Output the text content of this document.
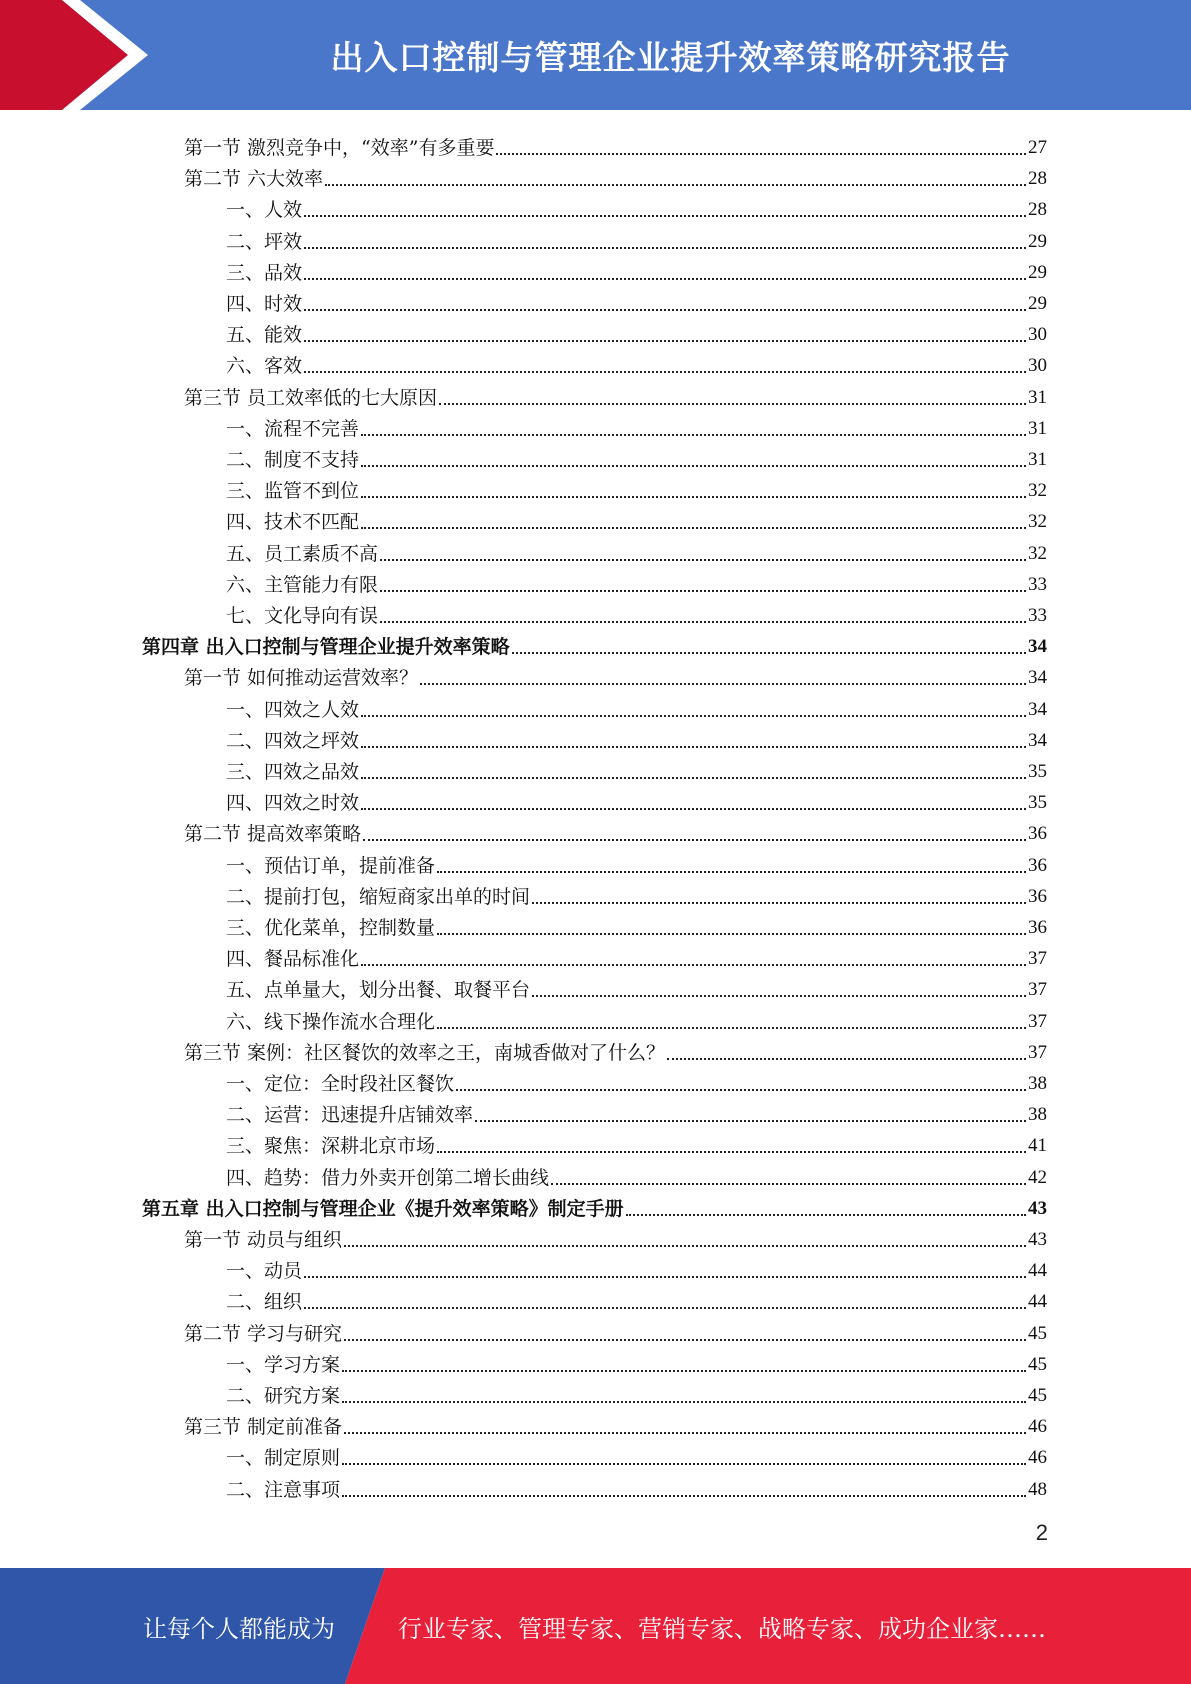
出入口控制与管理企业提升效率策略研究报告
第一节 激烈竞争中，“效率”有多重要	27
第二节 六大效率	28
一、人效	28
二、坪效	29
三、品效	29
四、时效	29
五、能效	30
六、客效	30
第三节 员工效率低的七大原因	31
一、流程不完善	31
二、制度不支持	31
三、监管不到位	32
四、技术不匹配	32
五、员工素质不高	32
六、主管能力有限	33
七、文化导向有误	33
第四章 出入口控制与管理企业提升效率策略	34
第一节 如何推动运营效率？	34
一、四效之人效	34
二、四效之坪效	34
三、四效之品效	35
四、四效之时效	35
第二节 提高效率策略	36
一、预估订单，提前准备	36
二、提前打包，缩短商家出单的时间	36
三、优化菜单，控制数量	36
四、餐品标准化	37
五、点单量大，划分出餐、取餐平台	37
六、线下操作流水合理化	37
第三节 案例：社区餐饮的效率之王，南城香做对了什么？	37
一、定位：全时段社区餐饮	38
二、运营：迅速提升店铺效率	38
三、聚焦：深耕北京市场	41
四、趋势：借力外卖开创第二增长曲线	42
第五章 出入口控制与管理企业《提升效率策略》制定手册	43
第一节 动员与组织	43
一、动员	44
二、组织	44
第二节 学习与研究	45
一、学习方案	45
二、研究方案	45
第三节 制定前准备	46
一、制定原则	46
二、注意事项	48
2
让每个人都能成为	行业专家、管理专家、营销专家、战略专家、成功企业家……
